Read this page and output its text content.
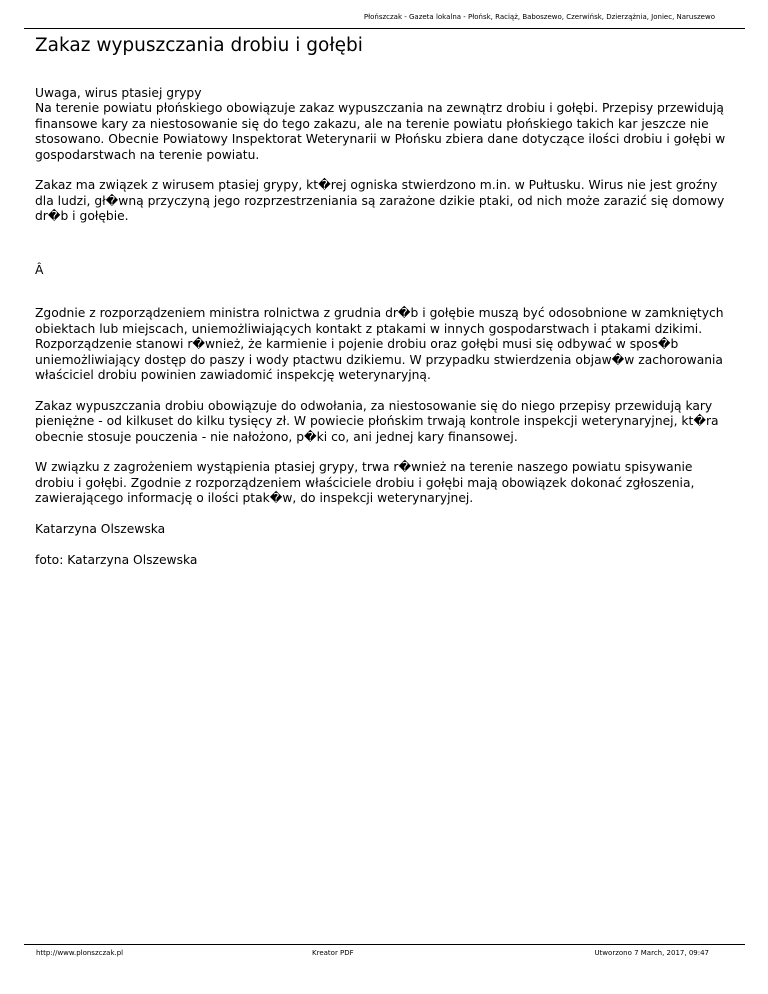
Płońszczak - Gazeta lokalna - Płońsk, Raciąż, Baboszewo, Czerwińsk, Dzierzążnia, Joniec, Naruszewo
Zakaz wypuszczania drobiu i gołębi

Uwaga, wirus ptasiej grypy

Na terenie powiatu płońskiego obowiązuje zakaz wypuszczania na zewnątrz drobiu i gołębi. Przepisy przewidują finansowe kary za niestosowanie się do tego zakazu, ale na terenie powiatu płońskiego takich kar jeszcze nie stosowano. Obecnie Powiatowy Inspektorat Weterynarii w Płońsku zbiera dane dotyczące ilości drobiu i gołębi w gospodarstwach na terenie powiatu.

Zakaz ma związek z wirusem ptasiej grypy, kt�rej ogniska stwierdzono m.in. w Pułtusku. Wirus nie jest groźny dla ludzi, gł�wną przyczyną jego rozprzestrzeniania są zarażone dzikie ptaki, od nich może zarazić się domowy dr�b i gołębie.

Â

Zgodnie z rozporządzeniem ministra rolnictwa z grudnia dr�b i gołębie muszą być odosobnione w zamkniętych obiektach lub miejscach, uniemożliwiających kontakt z ptakami w innych gospodarstwach i ptakami dzikimi. Rozporządzenie stanowi r�wnież, że karmienie i pojenie drobiu oraz gołębi musi się odbywać w spos�b uniemożliwiający dostęp do paszy i wody ptactwu dzikiemu. W przypadku stwierdzenia objaw�w zachorowania właściciel drobiu powinien zawiadomić inspekcję weterynaryjną.

Zakaz wypuszczania drobiu obowiązuje do odwołania, za niestosowanie się do niego przepisy przewidują kary pieniężne - od kilkuset do kilku tysięcy zł. W powiecie płońskim trwają kontrole inspekcji weterynaryjnej, kt�ra obecnie stosuje pouczenia - nie nałożono, p�ki co, ani jednej kary finansowej.

W związku z zagrożeniem wystąpienia ptasiej grypy, trwa r�wnież na terenie naszego powiatu spisywanie drobiu i gołębi. Zgodnie z rozporządzeniem właściciele drobiu i gołębi mają obowiązek dokonać zgłoszenia, zawierającego informację o ilości ptak�w, do inspekcji weterynaryjnej.

Katarzyna Olszewska

foto: Katarzyna Olszewska

http://www.plonszczak.pl	Kreator PDF	Utworzono 7 March, 2017, 09:47
